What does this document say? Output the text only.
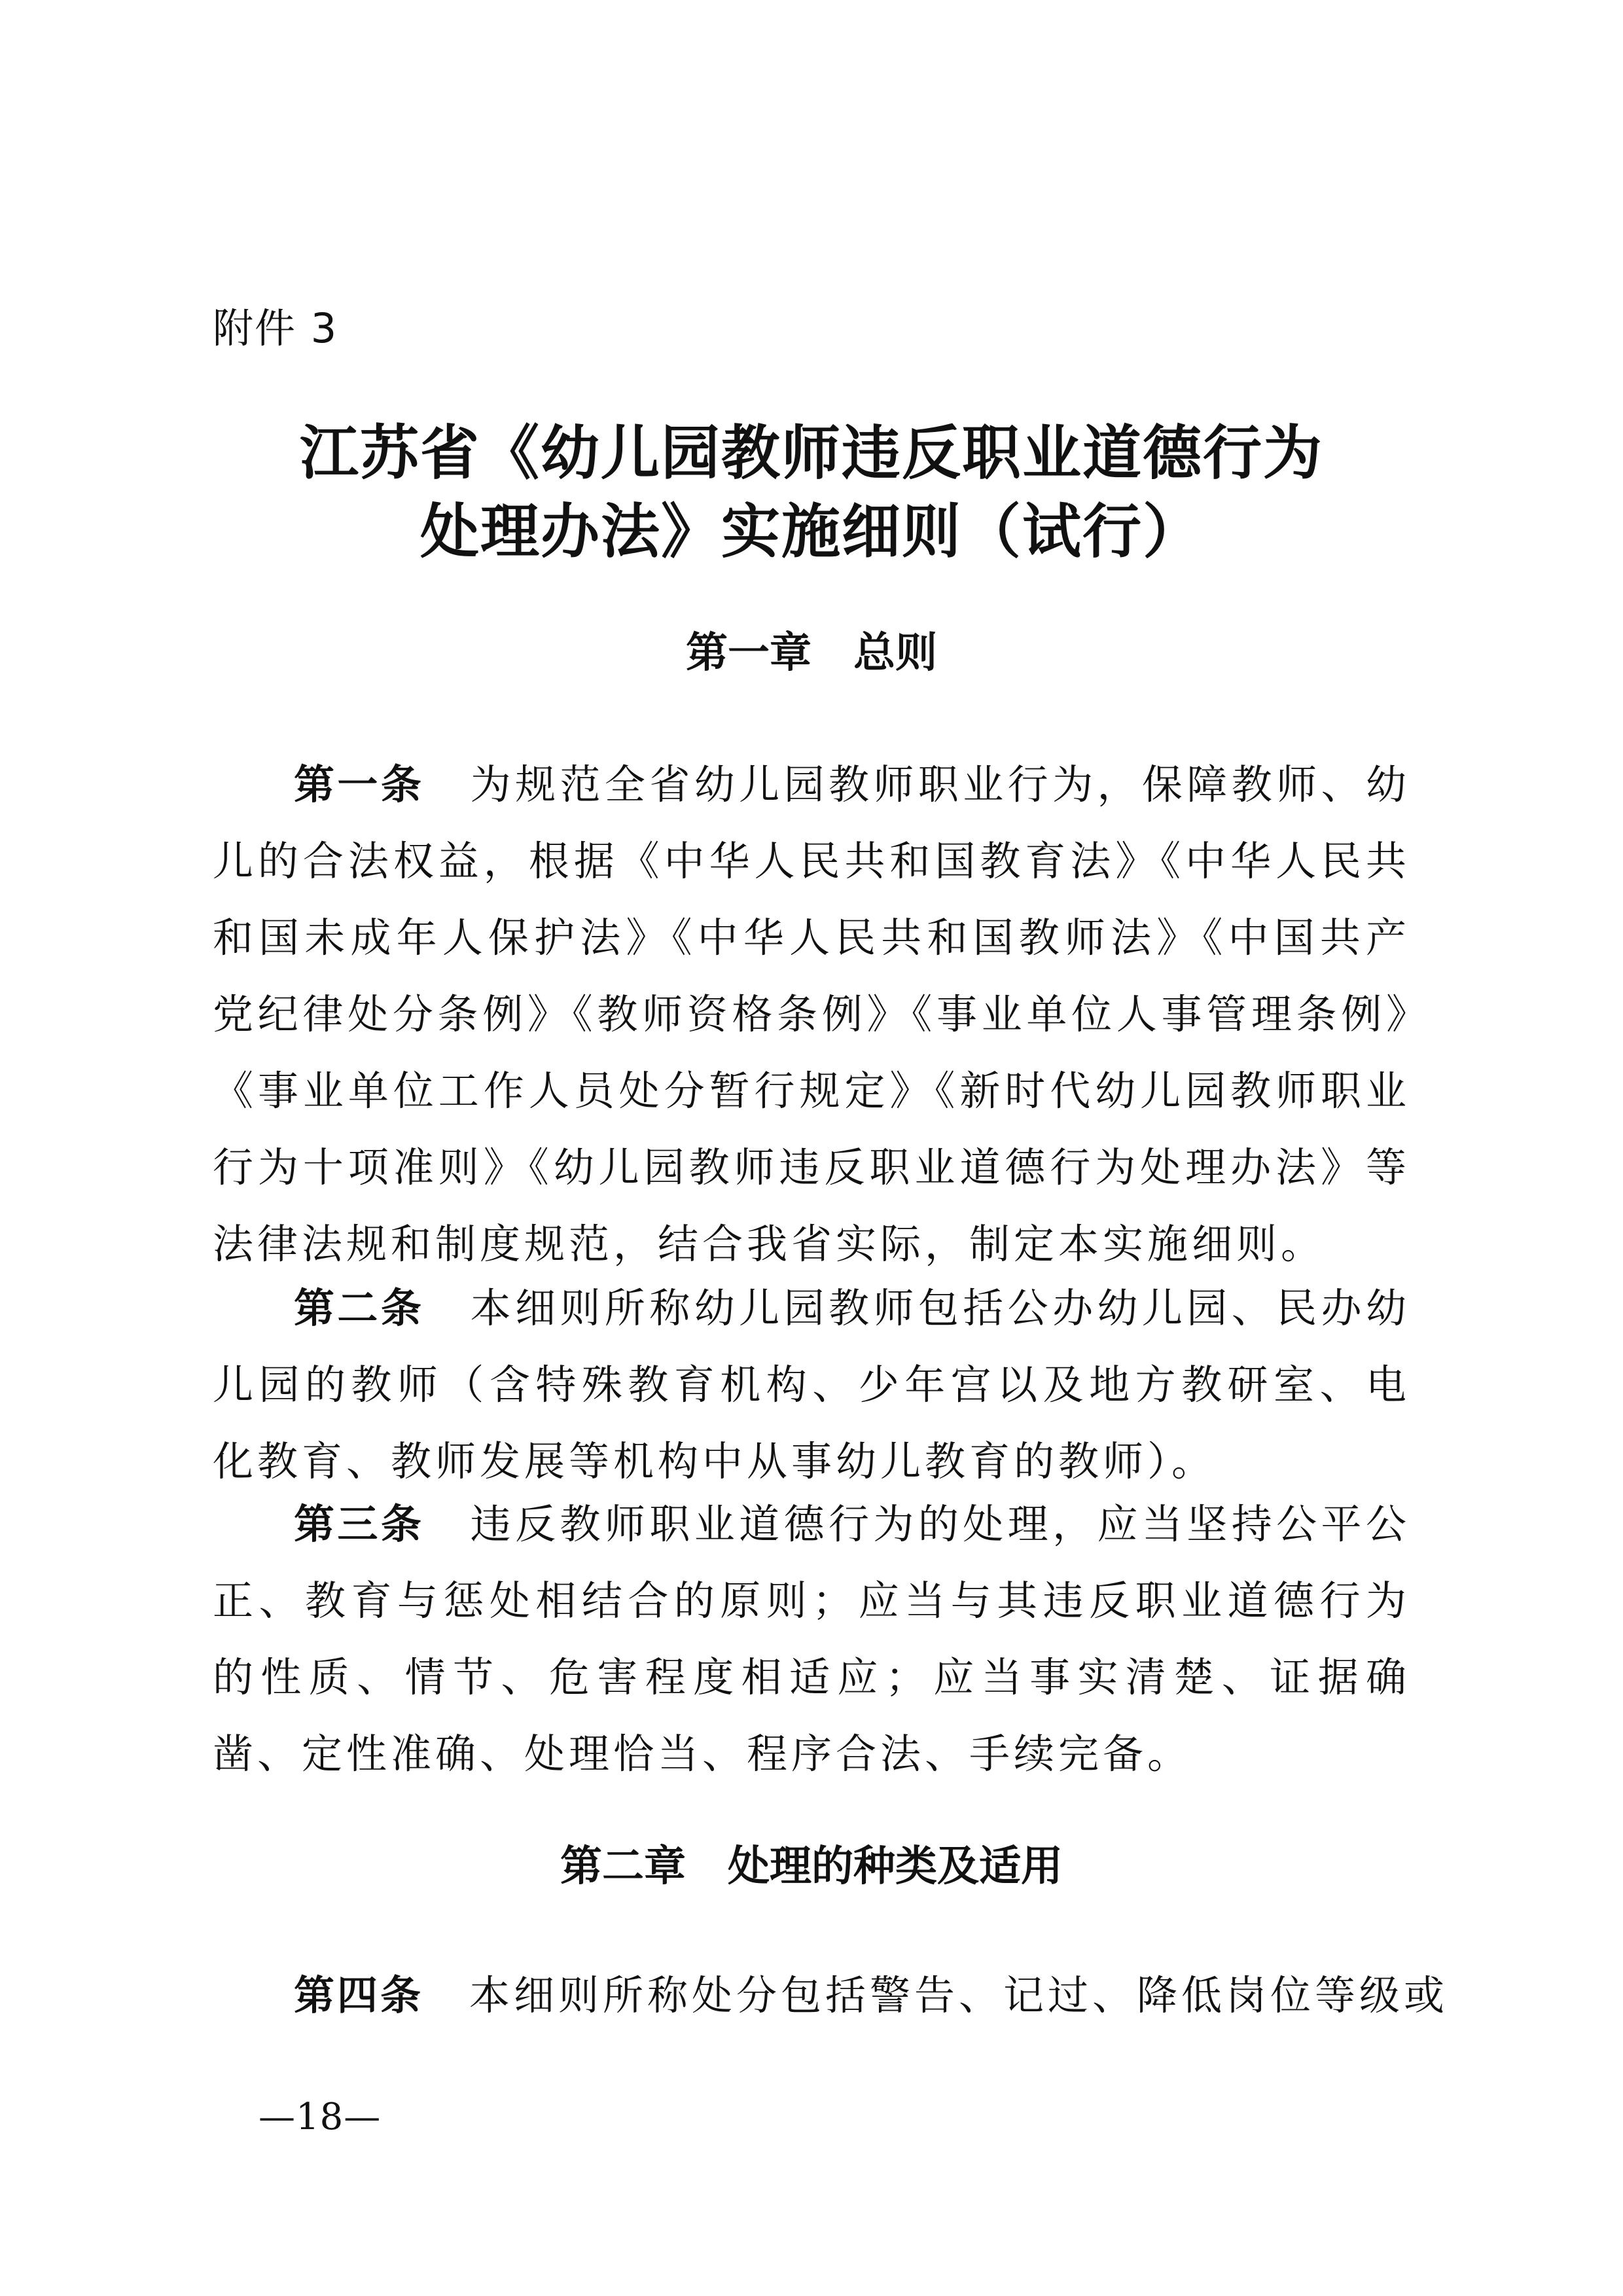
附件 3
江苏省《幼儿园教师违反职业道德行为
处理办法》实施细则（试行）
第一章　总则

第一条 为规范全省幼儿园教师职业行为，保障教师、幼儿的合法权益，根据《中华人民共和国教育法》《中华人民共和国未成年人保护法》《中华人民共和国教师法》《中国共产党纪律处分条例》《教师资格条例》《事业单位人事管理条例》《事业单位工作人员处分暂行规定》《新时代幼儿园教师职业行为十项准则》《幼儿园教师违反职业道德行为处理办法》等法律法规和制度规范，结合我省实际，制定本实施细则。

第二条 本细则所称幼儿园教师包括公办幼儿园、民办幼儿园的教师（含特殊教育机构、少年宫以及地方教研室、电化教育、教师发展等机构中从事幼儿教育的教师）。

第三条 违反教师职业道德行为的处理，应当坚持公平公正、教育与惩处相结合的原则；应当与其违反职业道德行为的性质、情节、危害程度相适应；应当事实清楚、证据确凿、定性准确、处理恰当、程序合法、手续完备。

第二章　处理的种类及适用

第四条 本细则所称处分包括警告、记过、降低岗位等级或

—18—
